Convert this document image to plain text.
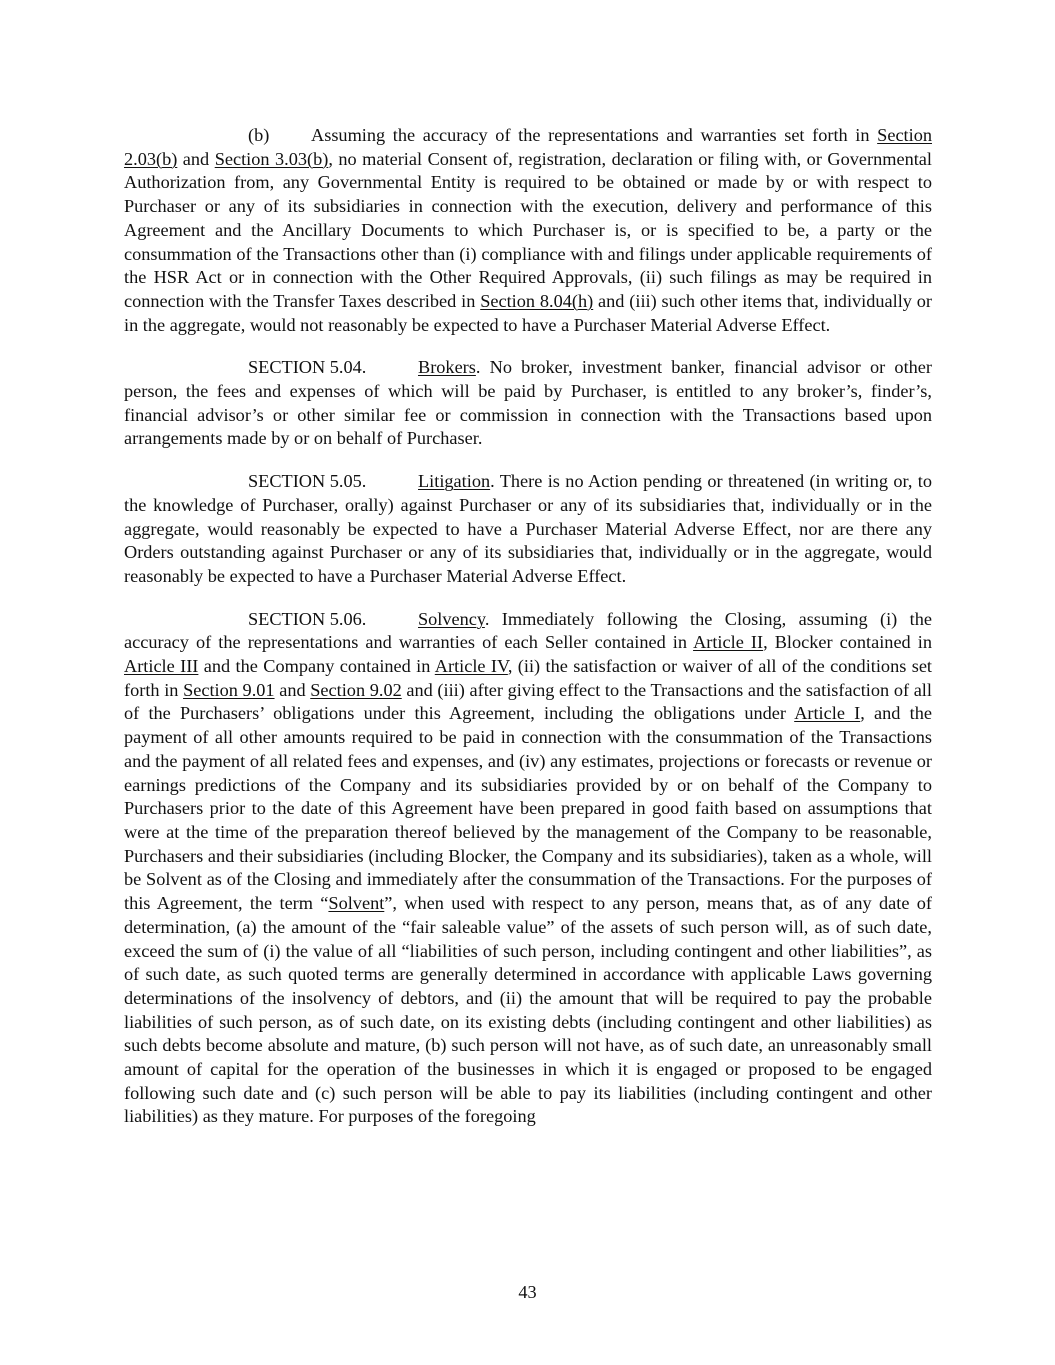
(b) Assuming the accuracy of the representations and warranties set forth in Section 2.03(b) and Section 3.03(b), no material Consent of, registration, declaration or filing with, or Governmental Authorization from, any Governmental Entity is required to be obtained or made by or with respect to Purchaser or any of its subsidiaries in connection with the execution, delivery and performance of this Agreement and the Ancillary Documents to which Purchaser is, or is specified to be, a party or the consummation of the Transactions other than (i) compliance with and filings under applicable requirements of the HSR Act or in connection with the Other Required Approvals, (ii) such filings as may be required in connection with the Transfer Taxes described in Section 8.04(h) and (iii) such other items that, individually or in the aggregate, would not reasonably be expected to have a Purchaser Material Adverse Effect.

SECTION 5.04.	Brokers. No broker, investment banker, financial advisor or other person, the fees and expenses of which will be paid by Purchaser, is entitled to any broker’s, finder’s, financial advisor’s or other similar fee or commission in connection with the Transactions based upon arrangements made by or on behalf of Purchaser.

SECTION 5.05.	Litigation. There is no Action pending or threatened (in writing or, to the knowledge of Purchaser, orally) against Purchaser or any of its subsidiaries that, individually or in the aggregate, would reasonably be expected to have a Purchaser Material Adverse Effect, nor are there any Orders outstanding against Purchaser or any of its subsidiaries that, individually or in the aggregate, would reasonably be expected to have a Purchaser Material Adverse Effect.

SECTION 5.06.	Solvency. Immediately following the Closing, assuming (i) the accuracy of the representations and warranties of each Seller contained in Article II, Blocker contained in Article III and the Company contained in Article IV, (ii) the satisfaction or waiver of all of the conditions set forth in Section 9.01 and Section 9.02 and (iii) after giving effect to the Transactions and the satisfaction of all of the Purchasers’ obligations under this Agreement, including the obligations under Article I, and the payment of all other amounts required to be paid in connection with the consummation of the Transactions and the payment of all related fees and expenses, and (iv) any estimates, projections or forecasts or revenue or earnings predictions of the Company and its subsidiaries provided by or on behalf of the Company to Purchasers prior to the date of this Agreement have been prepared in good faith based on assumptions that were at the time of the preparation thereof believed by the management of the Company to be reasonable, Purchasers and their subsidiaries (including Blocker, the Company and its subsidiaries), taken as a whole, will be Solvent as of the Closing and immediately after the consummation of the Transactions. For the purposes of this Agreement, the term “Solvent”, when used with respect to any person, means that, as of any date of determination, (a) the amount of the “fair saleable value” of the assets of such person will, as of such date, exceed the sum of (i) the value of all “liabilities of such person, including contingent and other liabilities”, as of such date, as such quoted terms are generally determined in accordance with applicable Laws governing determinations of the insolvency of debtors, and (ii) the amount that will be required to pay the probable liabilities of such person, as of such date, on its existing debts (including contingent and other liabilities) as such debts become absolute and mature, (b) such person will not have, as of such date, an unreasonably small amount of capital for the operation of the businesses in which it is engaged or proposed to be engaged following such date and (c) such person will be able to pay its liabilities (including contingent and other liabilities) as they mature. For purposes of the foregoing

43
